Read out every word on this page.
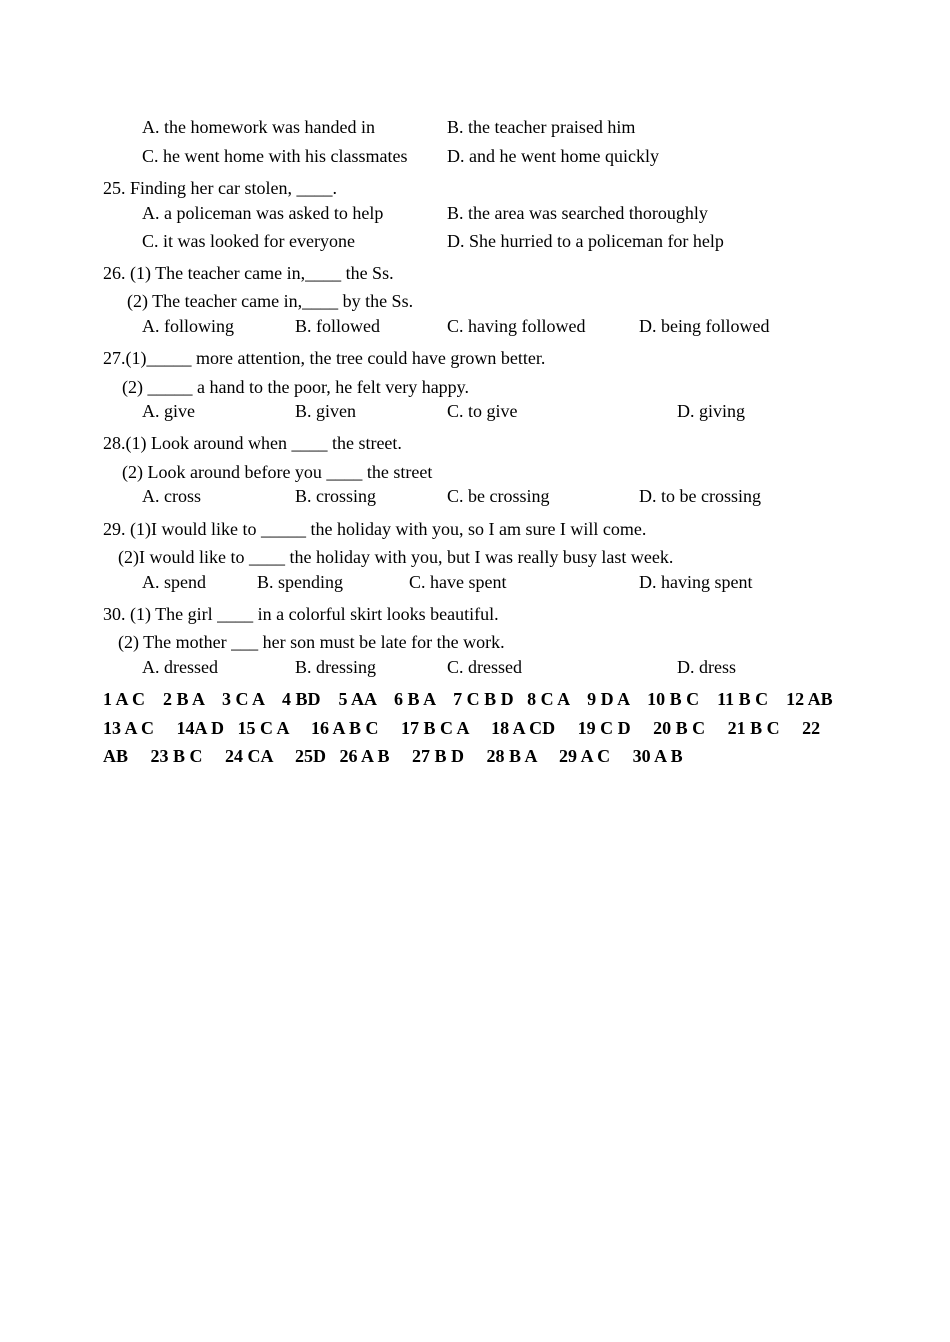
A. the homework was handed in	B. the teacher praised him
C. he went home with his classmates D. and he went home quickly
25. Finding her car stolen, ____.
A. a policeman was asked to help	B. the area was searched thoroughly
C. it was looked for everyone	D. She hurried to a policeman for help
26. (1) The teacher came in,____ the Ss.
(2) The teacher came in,____ by the Ss.
A. following	B. followed	C. having followed	D. being followed
27.(1)_____ more attention, the tree could have grown better.
(2) _____ a hand to the poor, he felt very happy.
A. give	B. given	C. to give	D. giving
28.(1) Look around when ____ the street.
(2) Look around before you ____ the street
A. cross	B. crossing	C. be crossing	D. to be crossing
29. (1)I would like to _____ the holiday with you, so I am sure I will come.
(2)I would like to ____ the holiday with you, but I was really busy last week.
A. spend	B. spending	C. have spent	D. having spent
30. (1) The girl ____ in a colorful skirt looks beautiful.
(2) The mother ___ her son must be late for the work.
A. dressed	B. dressing	C. dressed	D. dress
1 A C    2 B A    3 C A    4 BD    5 AA    6 B A    7 C B D   8 C A    9 D A    10 B C    11 B C    12 AB
13 A C     14A D   15 C A     16 A B C     17 B C A     18 A CD     19 C D     20 B C     21 B C     22
AB     23 B C     24 CA     25D   26 A B     27 B D     28 B A     29 A C     30 A B
